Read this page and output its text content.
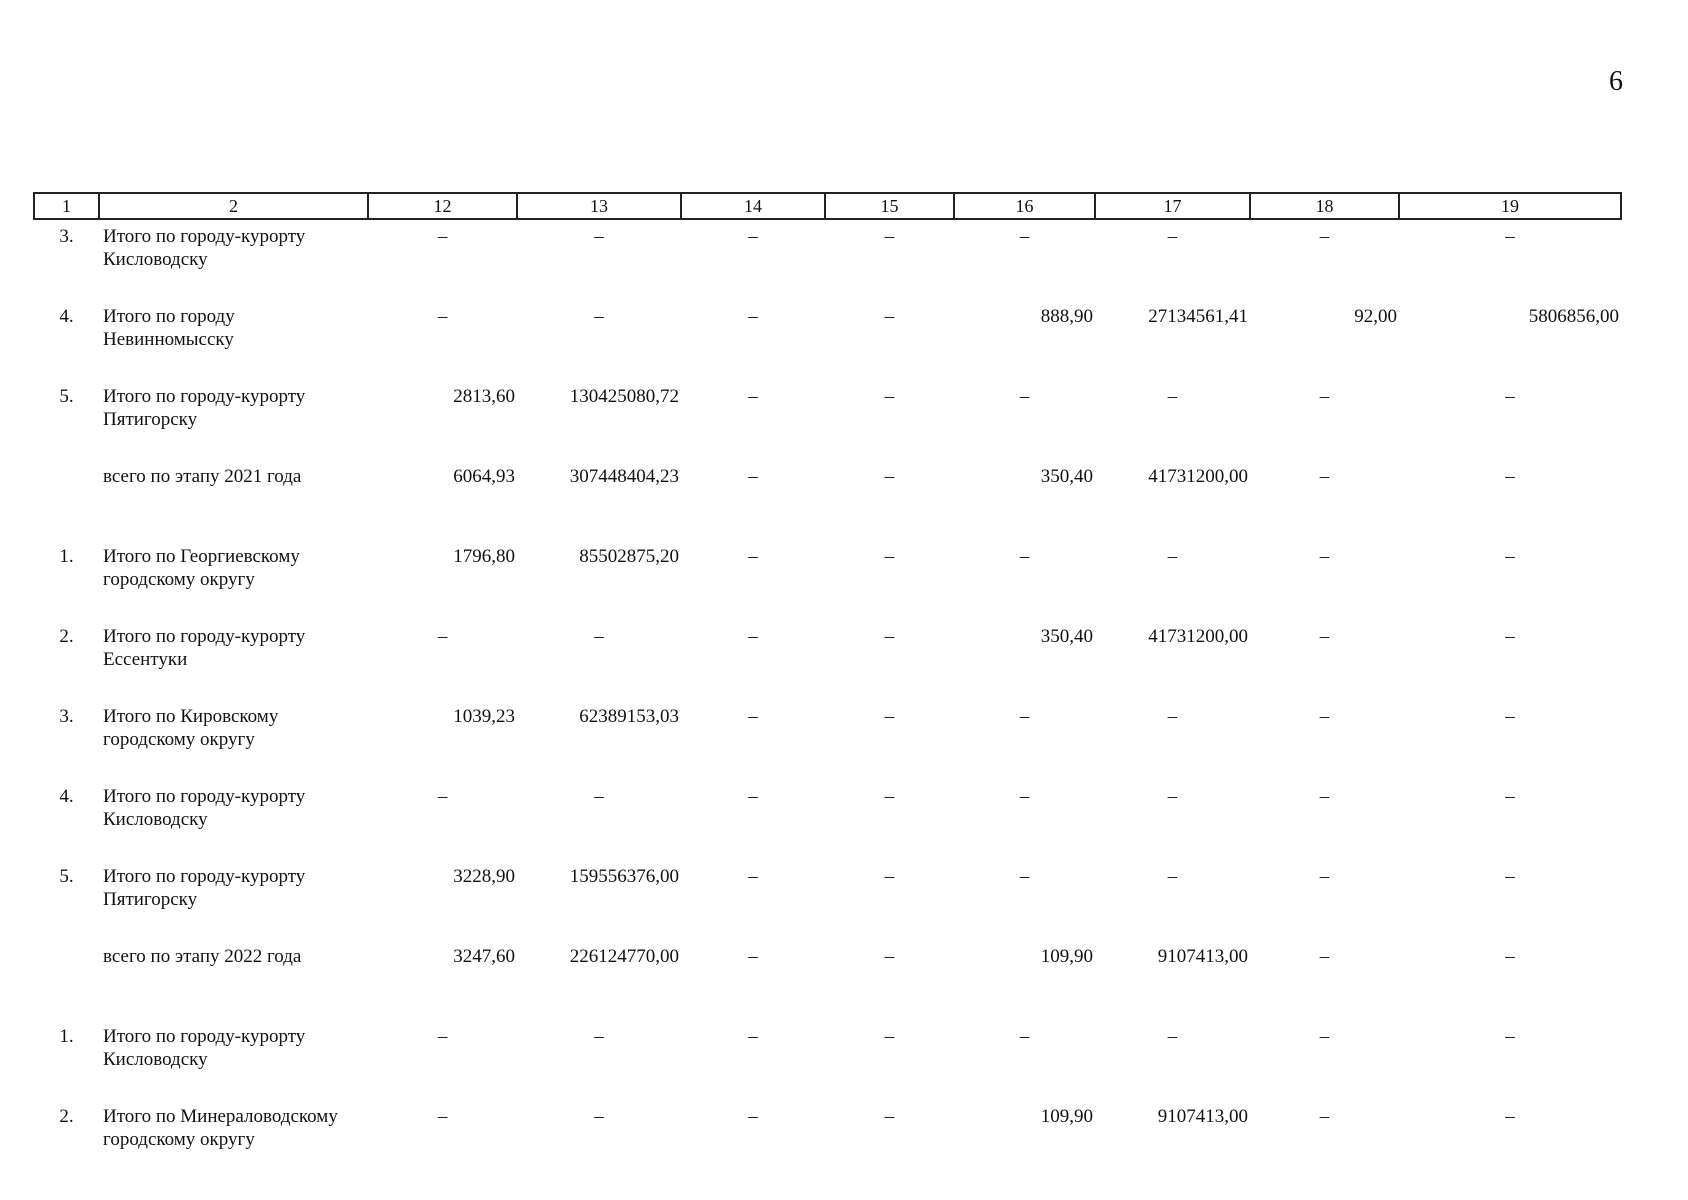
6
1	2	12	13	14	15	16	17	18	19
3.	Итого по городу-курорту Кисловодску	–	–	–	–	–	–	–	–
4.	Итого по городу Невинномысску	–	–	–	–	888,90	27134561,41	92,00	5806856,00
5.	Итого по городу-курорту Пятигорску	2813,60	130425080,72	–	–	–	–	–	–
	всего по этапу 2021 года	6064,93	307448404,23	–	–	350,40	41731200,00	–	–
1.	Итого по Георгиевскому городскому округу	1796,80	85502875,20	–	–	–	–	–	–
2.	Итого по городу-курорту Ессентуки	–	–	–	–	350,40	41731200,00	–	–
3.	Итого по Кировскому городскому округу	1039,23	62389153,03	–	–	–	–	–	–
4.	Итого по городу-курорту Кисловодску	–	–	–	–	–	–	–	–
5.	Итого по городу-курорту Пятигорску	3228,90	159556376,00	–	–	–	–	–	–
	всего по этапу 2022 года	3247,60	226124770,00	–	–	109,90	9107413,00	–	–
1.	Итого по городу-курорту Кисловодску	–	–	–	–	–	–	–	–
2.	Итого по Минераловодскому городскому округу	–	–	–	–	109,90	9107413,00	–	–
